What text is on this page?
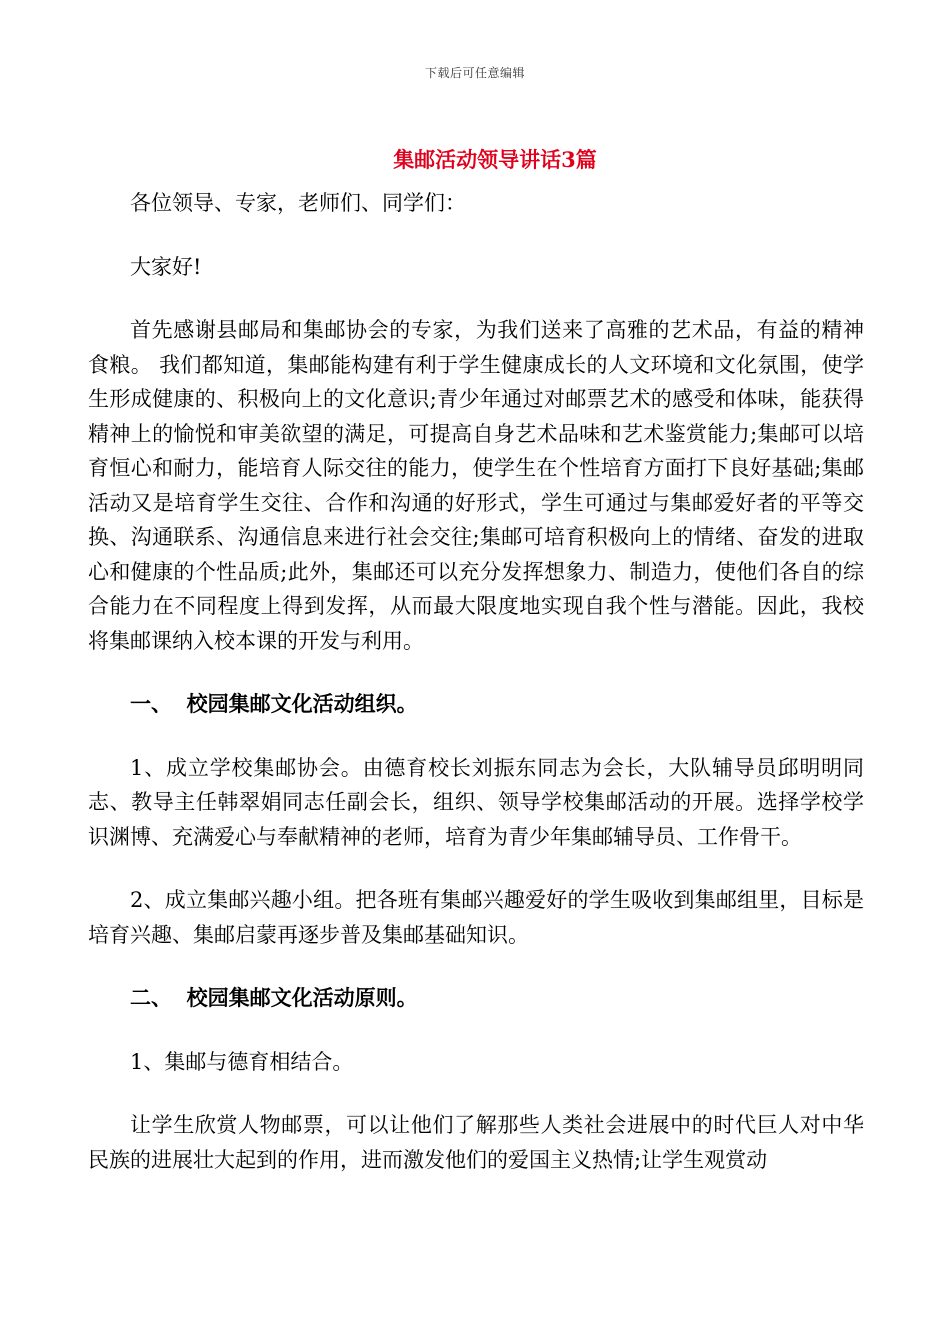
下载后可任意编辑
集邮活动领导讲话3篇

各位领导、专家，老师们、同学们：

大家好!

首先感谢县邮局和集邮协会的专家，为我们送来了高雅的艺术品，有益的精神食粮。 我们都知道，集邮能构建有利于学生健康成长的人文环境和文化氛围，使学生形成健康的、积极向上的文化意识;青少年通过对邮票艺术的感受和体味，能获得精神上的愉悦和审美欲望的满足，可提高自身艺术品味和艺术鉴赏能力;集邮可以培育恒心和耐力，能培育人际交往的能力，使学生在个性培育方面打下良好基础;集邮活动又是培育学生交往、合作和沟通的好形式，学生可通过与集邮爱好者的平等交换、沟通联系、沟通信息来进行社会交往;集邮可培育积极向上的情绪、奋发的进取心和健康的个性品质;此外，集邮还可以充分发挥想象力、制造力，使他们各自的综合能力在不同程度上得到发挥，从而最大限度地实现自我个性与潜能。因此，我校将集邮课纳入校本课的开发与利用。

一、  校园集邮文化活动组织。

1、成立学校集邮协会。由德育校长刘振东同志为会长，大队辅导员邱明明同志、教导主任韩翠娟同志任副会长，组织、领导学校集邮活动的开展。选择学校学识渊博、充满爱心与奉献精神的老师，培育为青少年集邮辅导员、工作骨干。

2、成立集邮兴趣小组。把各班有集邮兴趣爱好的学生吸收到集邮组里，目标是培育兴趣、集邮启蒙再逐步普及集邮基础知识。

二、  校园集邮文化活动原则。

1、集邮与德育相结合。

让学生欣赏人物邮票，可以让他们了解那些人类社会进展中的时代巨人对中华民族的进展壮大起到的作用，进而激发他们的爱国主义热情;让学生观赏动
